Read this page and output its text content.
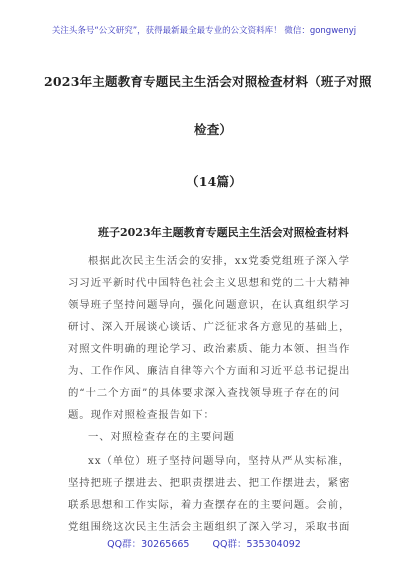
关注头条号“公文研究”，获得最新最全最专业的公文资料库！ 微信：gongwenyj
2023年主题教育专题民主生活会对照检查材料（班子对照
检查）
（14篇）
班子2023年主题教育专题民主生活会对照检查材料
根据此次民主生活会的安排，xx党委党组班子深入学
习习近平新时代中国特色社会主义思想和党的二十大精神
领导班子坚持问题导向，强化问题意识，在认真组织学习
研讨、深入开展谈心谈话、广泛征求各方意见的基础上，
对照文件明确的理论学习、政治素质、能力本领、担当作
为、工作作风、廉洁自律等六个方面和习近平总书记提出
的“十二个方面”的具体要求深入查找领导班子存在的问
题。现作对照检查报告如下：
一、对照检查存在的主要问题
xx（单位）班子坚持问题导向，坚持从严从实标准，
坚持把班子摆进去、把职责摆进去、把工作摆进去，紧密
联系思想和工作实际，着力查摆存在的主要问题。会前，
党组围绕这次民主生活会主题组织了深入学习，采取书面
QQ群：30265665 QQ群：535304092
